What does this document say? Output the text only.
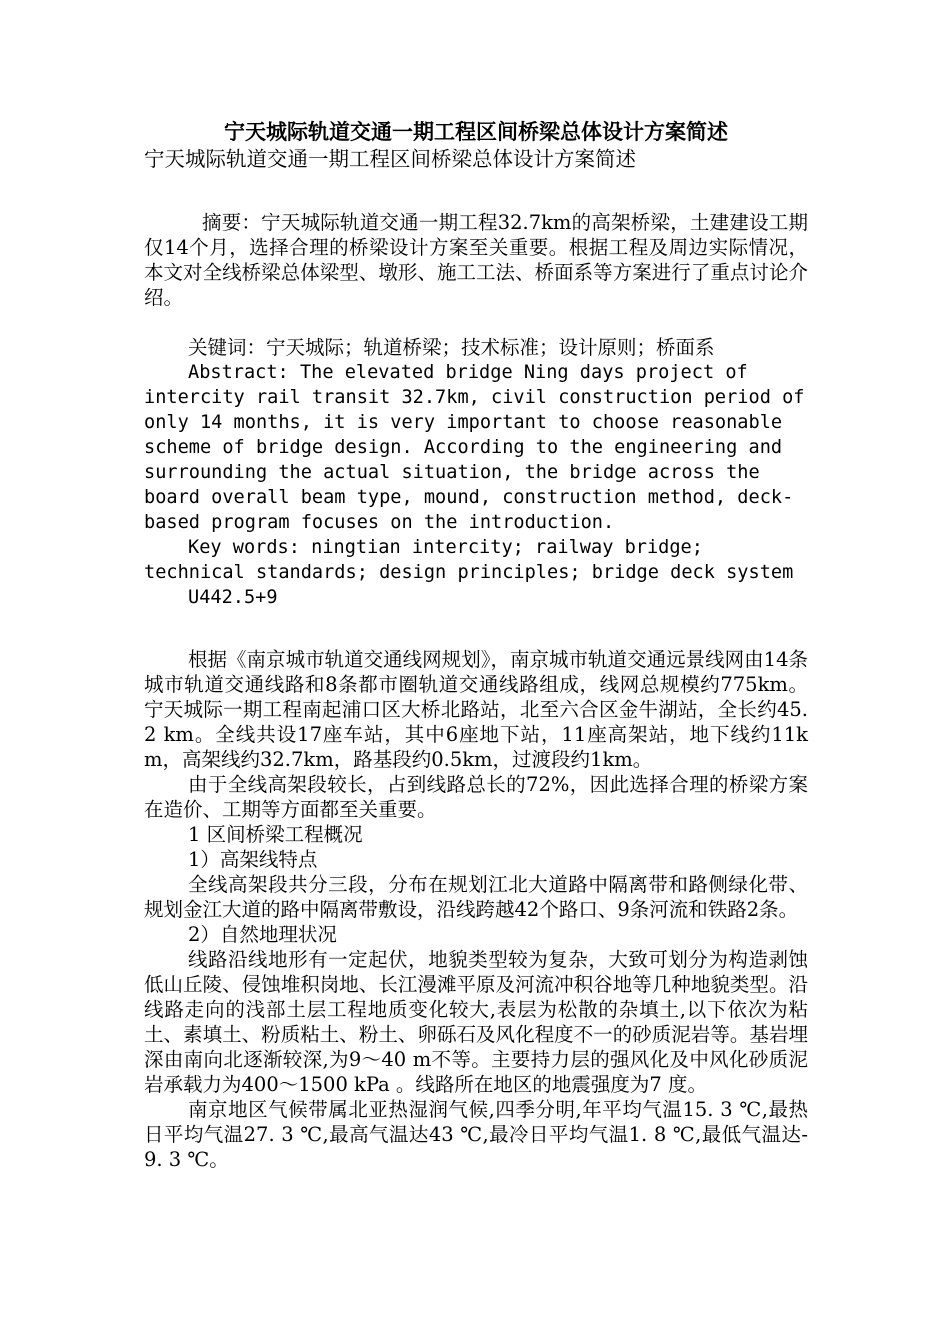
宁天城际轨道交通一期工程区间桥梁总体设计方案简述

宁天城际轨道交通一期工程区间桥梁总体设计方案简述

摘要：宁天城际轨道交通一期工程32.7km的高架桥梁，土建建设工期仅14个月，选择合理的桥梁设计方案至关重要。根据工程及周边实际情况，本文对全线桥梁总体梁型、墩形、施工工法、桥面系等方案进行了重点讨论介绍。

关键词：宁天城际；轨道桥梁；技术标准；设计原则；桥面系

Abstract: The elevated bridge Ning days project of intercity rail transit 32.7km, civil construction period of only 14 months, it is very important to choose reasonable scheme of bridge design. According to the engineering and surrounding the actual situation, the bridge across the board overall beam type, mound, construction method, deck-based program focuses on the introduction.

Key words: ningtian intercity; railway bridge; technical standards; design principles; bridge deck system

U442.5+9

根据《南京城市轨道交通线网规划》，南京城市轨道交通远景线网由14条城市轨道交通线路和8条都市圈轨道交通线路组成，线网总规模约775km。宁天城际一期工程南起浦口区大桥北路站，北至六合区金牛湖站，全长约45.2 km。全线共设17座车站，其中6座地下站，11座高架站，地下线约11km，高架线约32.7km，路基段约0.5km，过渡段约1km。

由于全线高架段较长，占到线路总长的72%，因此选择合理的桥梁方案在造价、工期等方面都至关重要。

1 区间桥梁工程概况

1）高架线特点

全线高架段共分三段，分布在规划江北大道路中隔离带和路侧绿化带、规划金江大道的路中隔离带敷设，沿线跨越42个路口、9条河流和铁路2条。

2）自然地理状况

线路沿线地形有一定起伏，地貌类型较为复杂，大致可划分为构造剥蚀低山丘陵、侵蚀堆积岗地、长江漫滩平原及河流冲积谷地等几种地貌类型。沿线路走向的浅部土层工程地质变化较大,表层为松散的杂填土,以下依次为粘土、素填土、粉质粘土、粉土、卵砾石及风化程度不一的砂质泥岩等。基岩埋深由南向北逐渐较深,为9～40 m不等。主要持力层的强风化及中风化砂质泥岩承载力为400～1500 kPa 。线路所在地区的地震强度为7 度。

南京地区气候带属北亚热湿润气候,四季分明,年平均气温15. 3 ℃,最热日平均气温27. 3 ℃,最高气温达43 ℃,最冷日平均气温1. 8 ℃,最低气温达- 9. 3 ℃。
